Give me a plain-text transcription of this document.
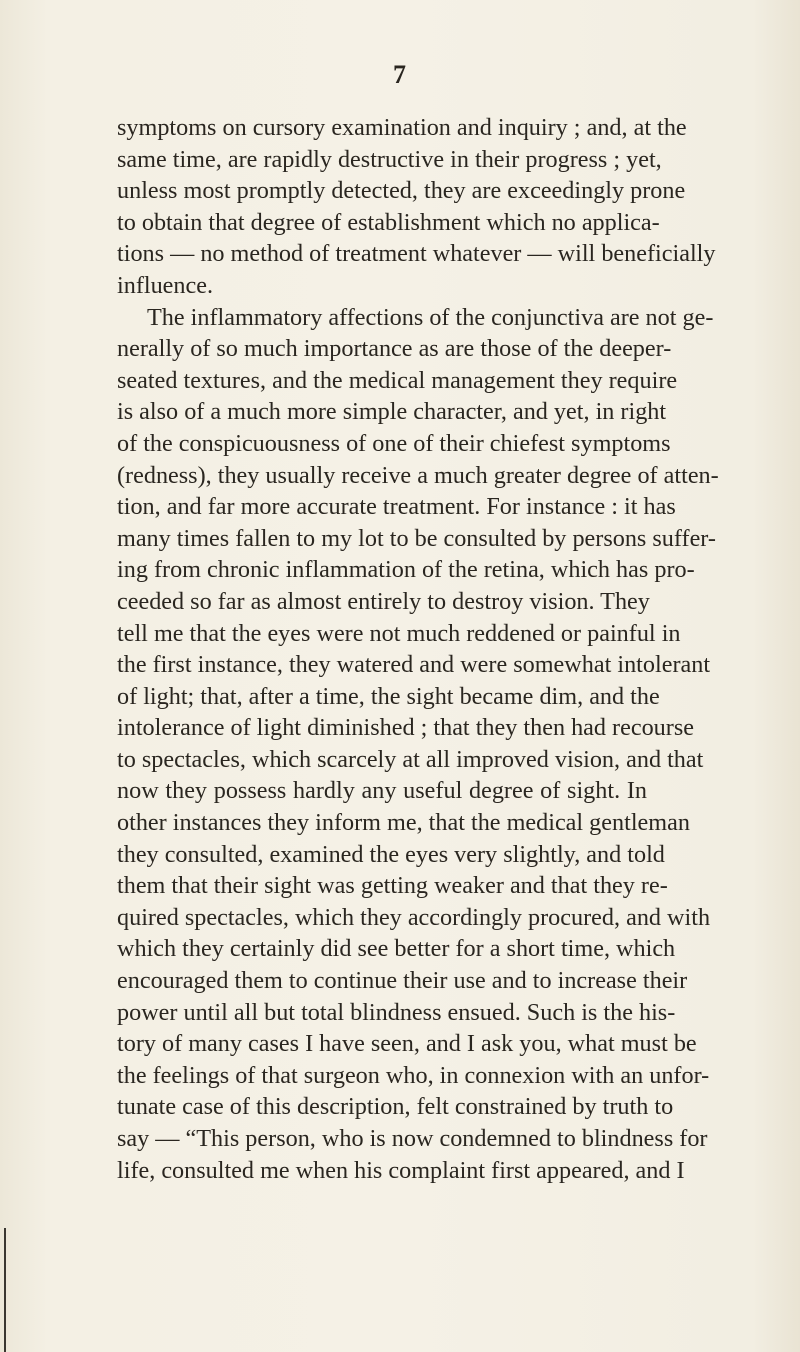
7
symptoms on cursory examination and inquiry ; and, at the
same time, are rapidly destructive in their progress ; yet,
unless most promptly detected, they are exceedingly prone
to obtain that degree of establishment which no applica-
tions — no method of treatment whatever — will beneficially
influence.
The inflammatory affections of the conjunctiva are not ge-
nerally of so much importance as are those of the deeper-
seated textures, and the medical management they require
is also of a much more simple character, and yet, in right
of the conspicuousness of one of their chiefest symptoms
(redness), they usually receive a much greater degree of atten-
tion, and far more accurate treatment. For instance : it has
many times fallen to my lot to be consulted by persons suffer-
ing from chronic inflammation of the retina, which has pro-
ceeded so far as almost entirely to destroy vision. They
tell me that the eyes were not much reddened or painful in
the first instance, they watered and were somewhat intolerant
of light; that, after a time, the sight became dim, and the
intolerance of light diminished ; that they then had recourse
to spectacles, which scarcely at all improved vision, and that
now they possess hardly any useful degree of sight. In
other instances they inform me, that the medical gentleman
they consulted, examined the eyes very slightly, and told
them that their sight was getting weaker and that they re-
quired spectacles, which they accordingly procured, and with
which they certainly did see better for a short time, which
encouraged them to continue their use and to increase their
power until all but total blindness ensued. Such is the his-
tory of many cases I have seen, and I ask you, what must be
the feelings of that surgeon who, in connexion with an unfor-
tunate case of this description, felt constrained by truth to
say — “This person, who is now condemned to blindness for
life, consulted me when his complaint first appeared, and I
